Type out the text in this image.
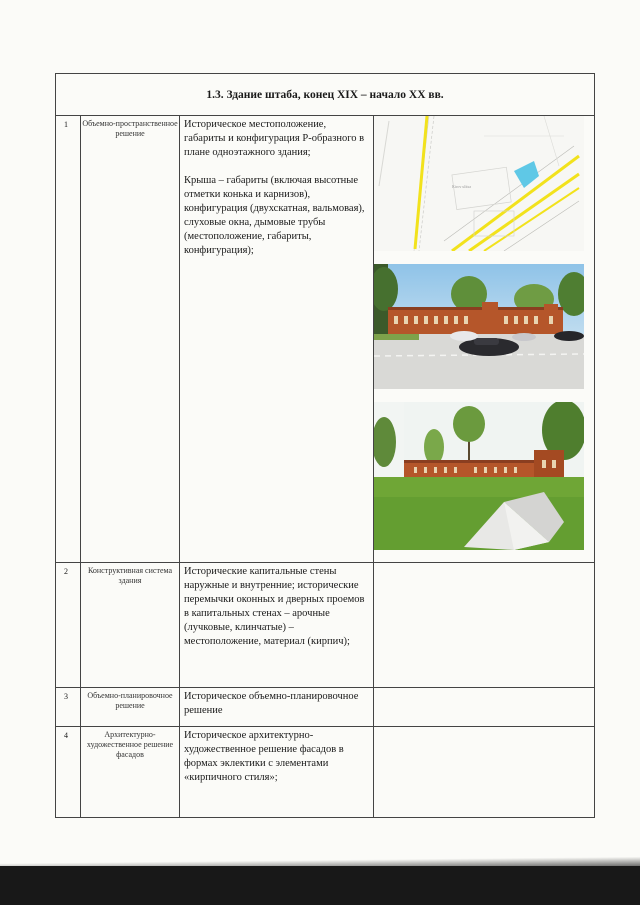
1.3. Здание штаба, конец XIX – начало XX вв.
1	Объемно-пространственное решение

Историческое местоположение, габариты и конфигурация Р-образного в плане одноэтажного здания;

Крыша – габариты (включая высотные отметки конька и карнизов), конфигурация (двухскатная, вальмовая), слуховые окна, дымовые трубы (местоположение, габариты, конфигурация);

Kirov ulitsa
2	Конструктивная система здания

Исторические капитальные стены наружные и внутренние; исторические перемычки оконных и дверных проемов в капитальных стенах – арочные (лучковые, клинчатые) – местоположение, материал (кирпич);

3	Объемно-планировочное решение

Историческое объемно-планировочное решение

4	Архитектурно-художественное решение фасадов

Историческое архитектурно-художественное решение фасадов в формах эклектики с элементами «кирпичного стиля»;
